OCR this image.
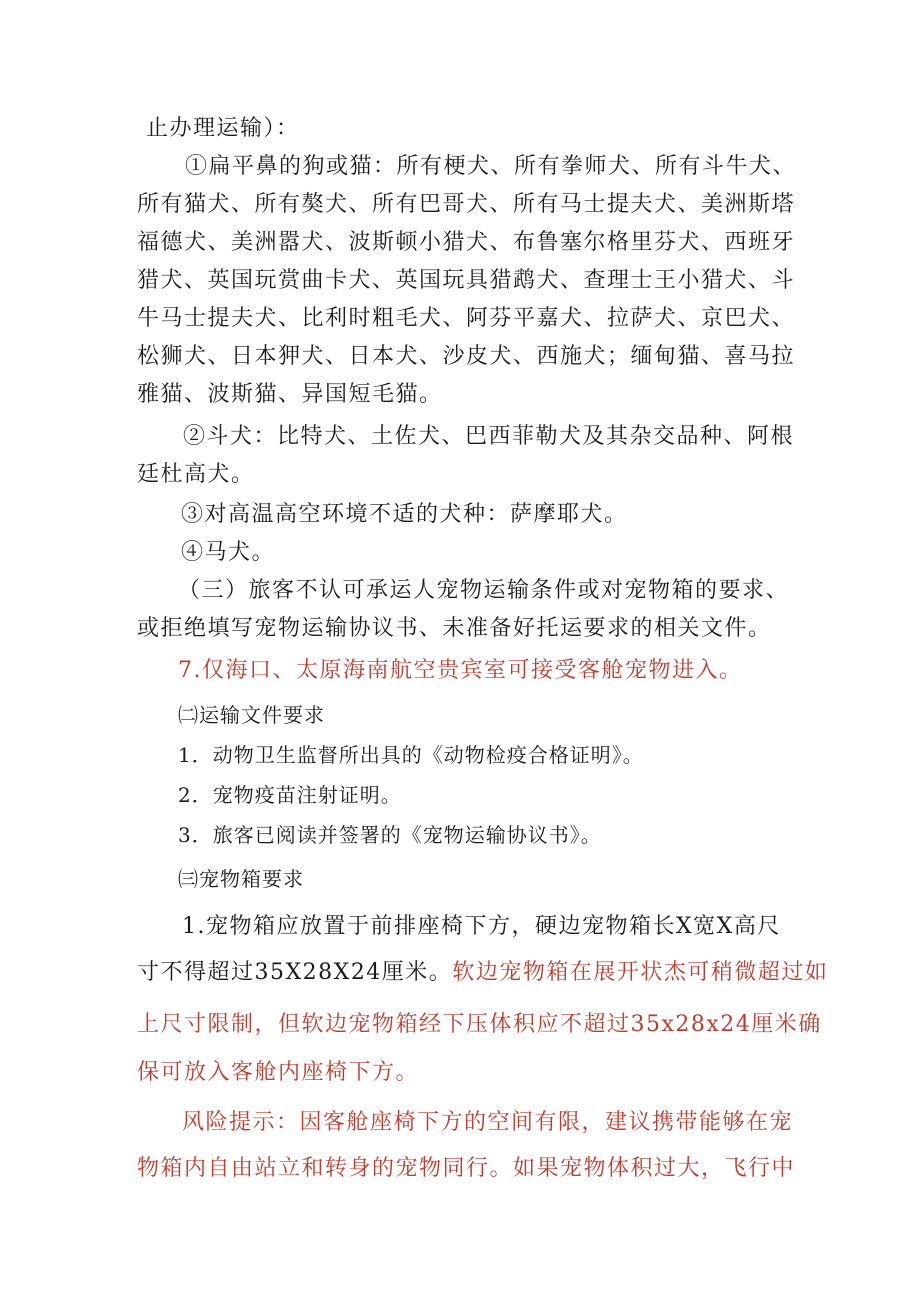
止办理运输）：
①扁平鼻的狗或猫：所有梗犬、所有拳师犬、所有斗牛犬、
所有猫犬、所有獒犬、所有巴哥犬、所有马士提夫犬、美洲斯塔
福德犬、美洲嚣犬、波斯顿小猎犬、布鲁塞尔格里芬犬、西班牙
猎犬、英国玩赏曲卡犬、英国玩具猎鹉犬、查理士王小猎犬、斗
牛马士提夫犬、比利时粗毛犬、阿芬平嘉犬、拉萨犬、京巴犬、
松狮犬、日本狎犬、日本犬、沙皮犬、西施犬；缅甸猫、喜马拉
雅猫、波斯猫、异国短毛猫。
②斗犬：比特犬、土佐犬、巴西菲勒犬及其杂交品种、阿根
廷杜高犬。
③对高温高空环境不适的犬种：萨摩耶犬。
④马犬。
（三）旅客不认可承运人宠物运输条件或对宠物箱的要求、
或拒绝填写宠物运输协议书、未准备好托运要求的相关文件。
7.仅海口、太原海南航空贵宾室可接受客舱宠物进入。
㈡运输文件要求
1．动物卫生监督所出具的《动物检疫合格证明》。
2．宠物疫苗注射证明。
3．旅客已阅读并签署的《宠物运输协议书》。
㈢宠物箱要求
1.宠物箱应放置于前排座椅下方，硬边宠物箱长X宽X高尺
寸不得超过35X28X24厘米。软边宠物箱在展开状杰可稍微超过如
上尺寸限制，但软边宠物箱经下压体积应不超过35x28x24厘米确
保可放入客舱内座椅下方。
风险提示：因客舱座椅下方的空间有限，建议携带能够在宠
物箱内自由站立和转身的宠物同行。如果宠物体积过大，飞行中
